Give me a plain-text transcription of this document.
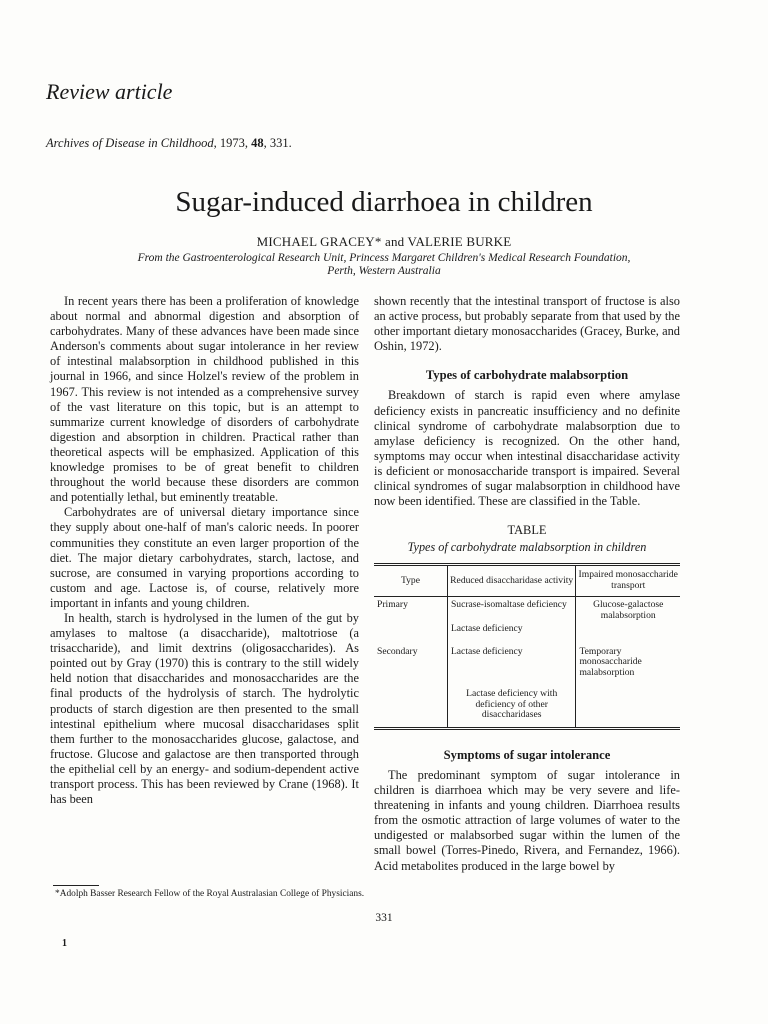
Review article
Archives of Disease in Childhood, 1973, 48, 331.
Sugar-induced diarrhoea in children
MICHAEL GRACEY* and VALERIE BURKE
From the Gastroenterological Research Unit, Princess Margaret Children's Medical Research Foundation,
Perth, Western Australia

In recent years there has been a proliferation of knowledge about normal and abnormal digestion and absorption of carbohydrates. Many of these advances have been made since Anderson's comments about sugar intolerance in her review of intestinal malabsorption in childhood published in this journal in 1966, and since Holzel's review of the problem in 1967. This review is not intended as a comprehensive survey of the vast literature on this topic, but is an attempt to summarize current knowledge of disorders of carbohydrate digestion and absorption in children. Practical rather than theoretical aspects will be emphasized. Application of this knowledge promises to be of great benefit to children throughout the world because these disorders are common and potentially lethal, but eminently treatable.

Carbohydrates are of universal dietary importance since they supply about one-half of man's caloric needs. In poorer communities they constitute an even larger proportion of the diet. The major dietary carbohydrates, starch, lactose, and sucrose, are consumed in varying proportions according to custom and age. Lactose is, of course, relatively more important in infants and young children.

In health, starch is hydrolysed in the lumen of the gut by amylases to maltose (a disaccharide), maltotriose (a trisaccharide), and limit dextrins (oligosaccharides). As pointed out by Gray (1970) this is contrary to the still widely held notion that disaccharides and monosaccharides are the final products of the hydrolysis of starch. The hydrolytic products of starch digestion are then presented to the small intestinal epithelium where mucosal disaccharidases split them further to the monosaccharides glucose, galactose, and fructose. Glucose and galactose are then transported through the epithelial cell by an energy- and sodium-dependent active transport process. This has been reviewed by Crane (1968). It has been

shown recently that the intestinal transport of fructose is also an active process, but probably separate from that used by the other important dietary monosaccharides (Gracey, Burke, and Oshin, 1972).

Types of carbohydrate malabsorption

Breakdown of starch is rapid even where amylase deficiency exists in pancreatic insufficiency and no definite clinical syndrome of carbohydrate malabsorption due to amylase deficiency is recognized. On the other hand, symptoms may occur when intestinal disaccharidase activity is deficient or monosaccharide transport is impaired. Several clinical syndromes of sugar malabsorption in childhood have now been identified. These are classified in the Table.

TABLE
Types of carbohydrate malabsorption in children
Type	Reduced disaccharidase activity	Impaired monosaccharide transport
Primary	Sucrase-isomaltase deficiency	Glucose-galactose malabsorption
	Lactase deficiency	
Secondary	Lactase deficiency	Temporary monosaccharide malabsorption
	Lactase deficiency with deficiency of other disaccharidases	
Symptoms of sugar intolerance

The predominant symptom of sugar intolerance in children is diarrhoea which may be very severe and life-threatening in infants and young children. Diarrhoea results from the osmotic attraction of large volumes of water to the undigested or malabsorbed sugar within the lumen of the small bowel (Torres-Pinedo, Rivera, and Fernandez, 1966). Acid metabolites produced in the large bowel by

*Adolph Basser Research Fellow of the Royal Australasian College of Physicians.
331
1
